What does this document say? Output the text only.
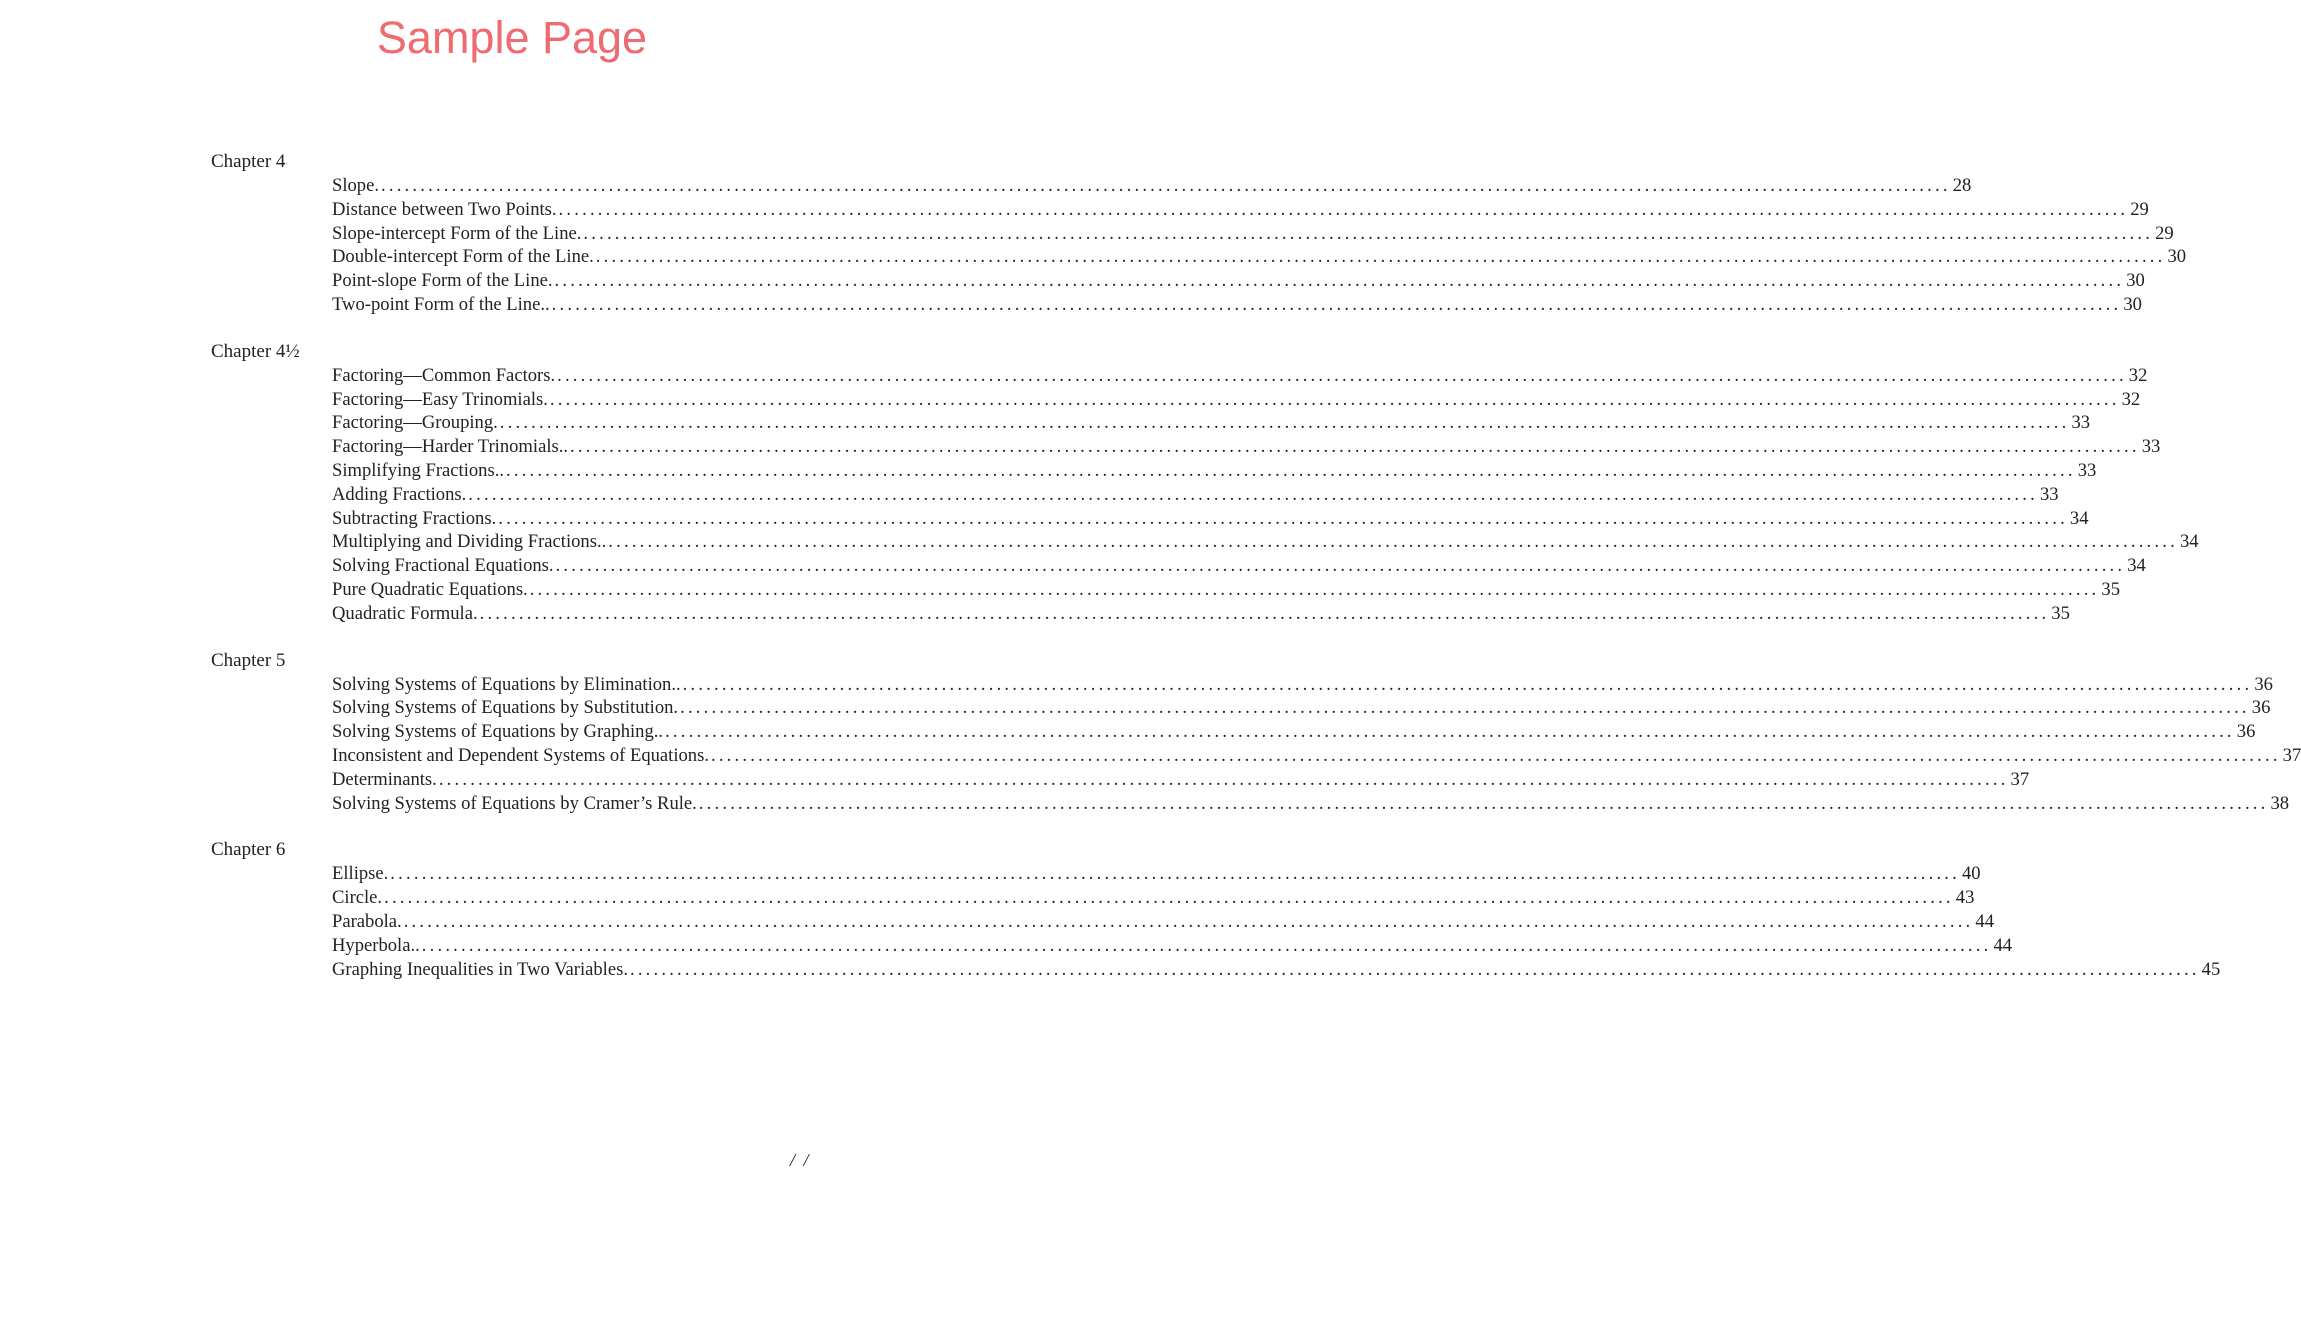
Sample Page
Chapter 4
Slope. ........................................................................................................................................................................................................ 28
Distance between Two Points. ........................................................................................................................................................................................................ 29
Slope-intercept Form of the Line. ........................................................................................................................................................................................................ 29
Double-intercept Form of the Line. ........................................................................................................................................................................................................ 30
Point-slope Form of the Line. ........................................................................................................................................................................................................ 30
Two-point Form of the Line.. ........................................................................................................................................................................................................ 30
Chapter 4½
Factoring—Common Factors. ........................................................................................................................................................................................................ 32
Factoring—Easy Trinomials. ........................................................................................................................................................................................................ 32
Factoring—Grouping. ........................................................................................................................................................................................................ 33
Factoring—Harder Trinomials.. ........................................................................................................................................................................................................ 33
Simplifying Fractions.. ........................................................................................................................................................................................................ 33
Adding Fractions. ........................................................................................................................................................................................................ 33
Subtracting Fractions. ........................................................................................................................................................................................................ 34
Multiplying and Dividing Fractions.. ........................................................................................................................................................................................................ 34
Solving Fractional Equations. ........................................................................................................................................................................................................ 34
Pure Quadratic Equations. ........................................................................................................................................................................................................ 35
Quadratic Formula. ........................................................................................................................................................................................................ 35
Chapter 5
Solving Systems of Equations by Elimination.. ........................................................................................................................................................................................................ 36
Solving Systems of Equations by Substitution. ........................................................................................................................................................................................................ 36
Solving Systems of Equations by Graphing.. ........................................................................................................................................................................................................ 36
Inconsistent and Dependent Systems of Equations. ........................................................................................................................................................................................................ 37
Determinants. ........................................................................................................................................................................................................ 37
Solving Systems of Equations by Cramer’s Rule. ........................................................................................................................................................................................................ 38
Chapter 6
Ellipse. ........................................................................................................................................................................................................ 40
Circle. ........................................................................................................................................................................................................ 43
Parabola. ........................................................................................................................................................................................................ 44
Hyperbola.. ........................................................................................................................................................................................................ 44
Graphing Inequalities in Two Variables. ........................................................................................................................................................................................................ 45
/ /
